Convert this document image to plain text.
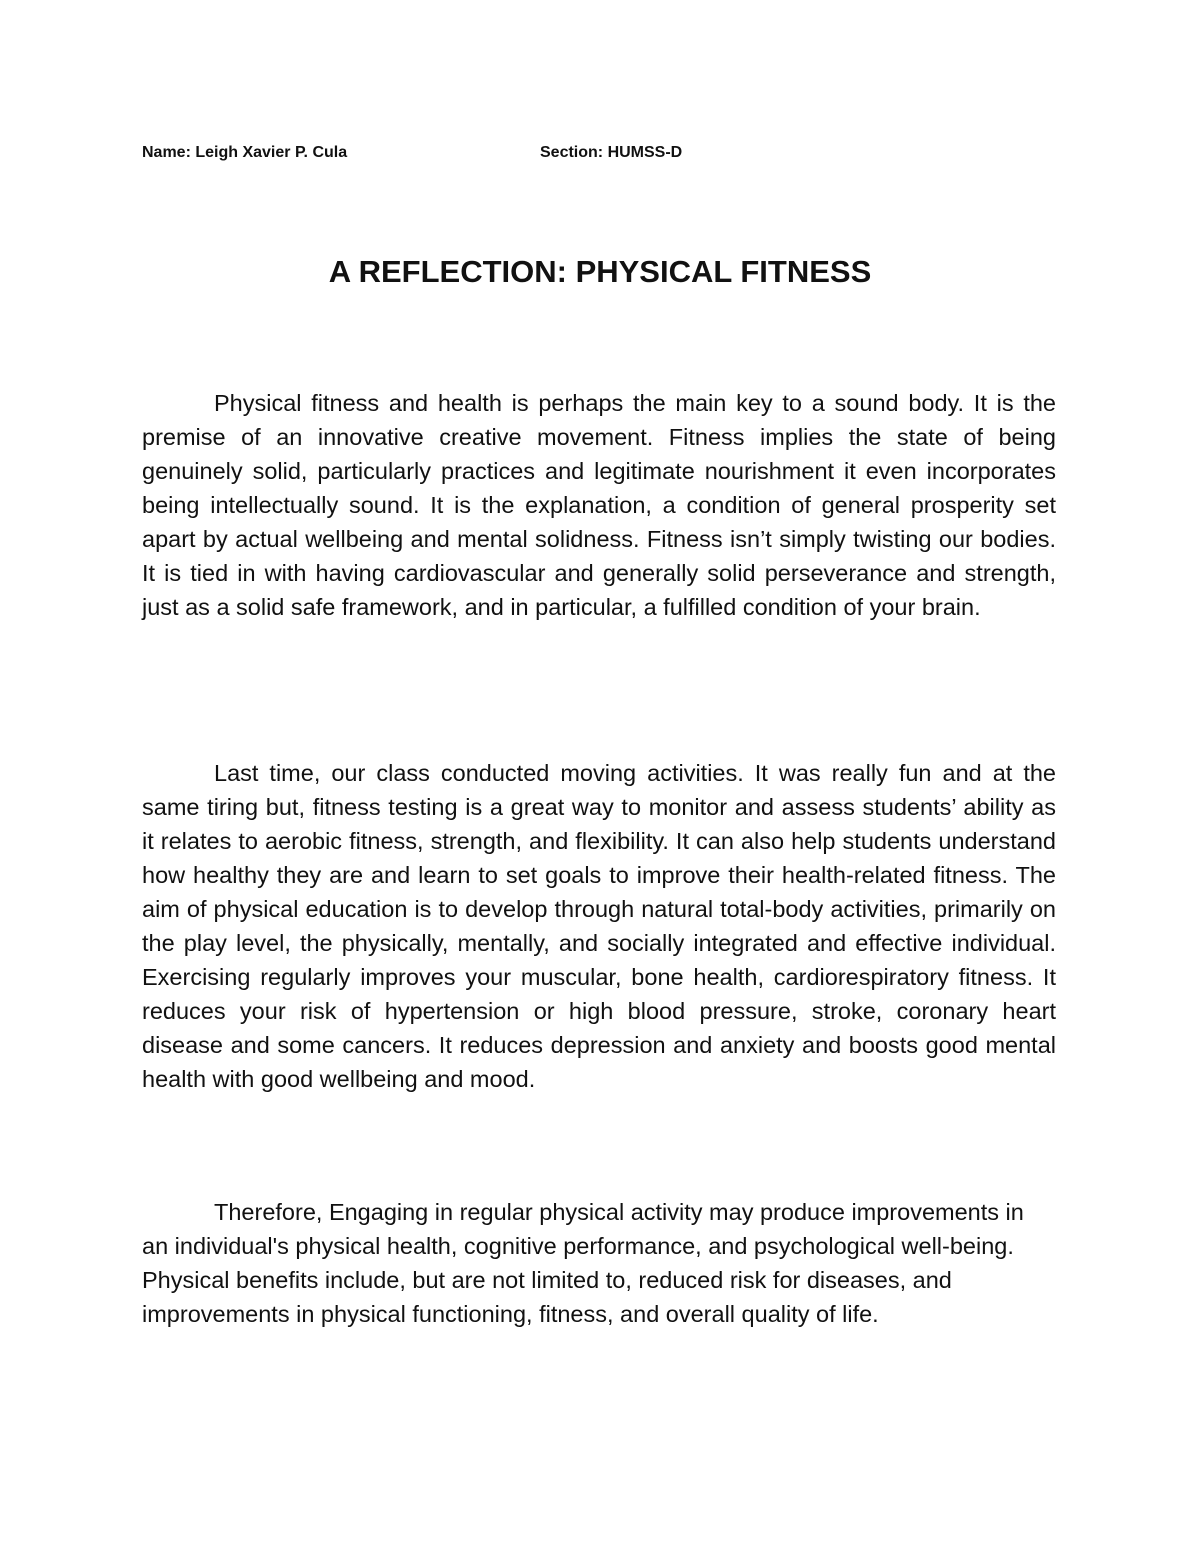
Name: Leigh Xavier P. Cula	Section: HUMSS-D
A REFLECTION: PHYSICAL FITNESS

Physical fitness and health is perhaps the main key to a sound body. It is the premise of an innovative creative movement. Fitness implies the state of being genuinely solid, particularly practices and legitimate nourishment it even incorporates being intellectually sound. It is the explanation, a condition of general prosperity set apart by actual wellbeing and mental solidness. Fitness isn’t simply twisting our bodies. It is tied in with having cardiovascular and generally solid perseverance and strength, just as a solid safe framework, and in particular, a fulfilled condition of your brain.

Last time, our class conducted moving activities. It was really fun and at the same tiring but, fitness testing is a great way to monitor and assess students’ ability as it relates to aerobic fitness, strength, and flexibility. It can also help students understand how healthy they are and learn to set goals to improve their health-related fitness. The aim of physical education is to develop through natural total-body activities, primarily on the play level, the physically, mentally, and socially integrated and effective individual. Exercising regularly improves your muscular, bone health, cardiorespiratory fitness. It reduces your risk of hypertension or high blood pressure, stroke, coronary heart disease and some cancers. It reduces depression and anxiety and boosts good mental health with good wellbeing and mood.

Therefore, Engaging in regular physical activity may produce improvements in an individual's physical health, cognitive performance, and psychological well-being. Physical benefits include, but are not limited to, reduced risk for diseases, and improvements in physical functioning, fitness, and overall quality of life.
